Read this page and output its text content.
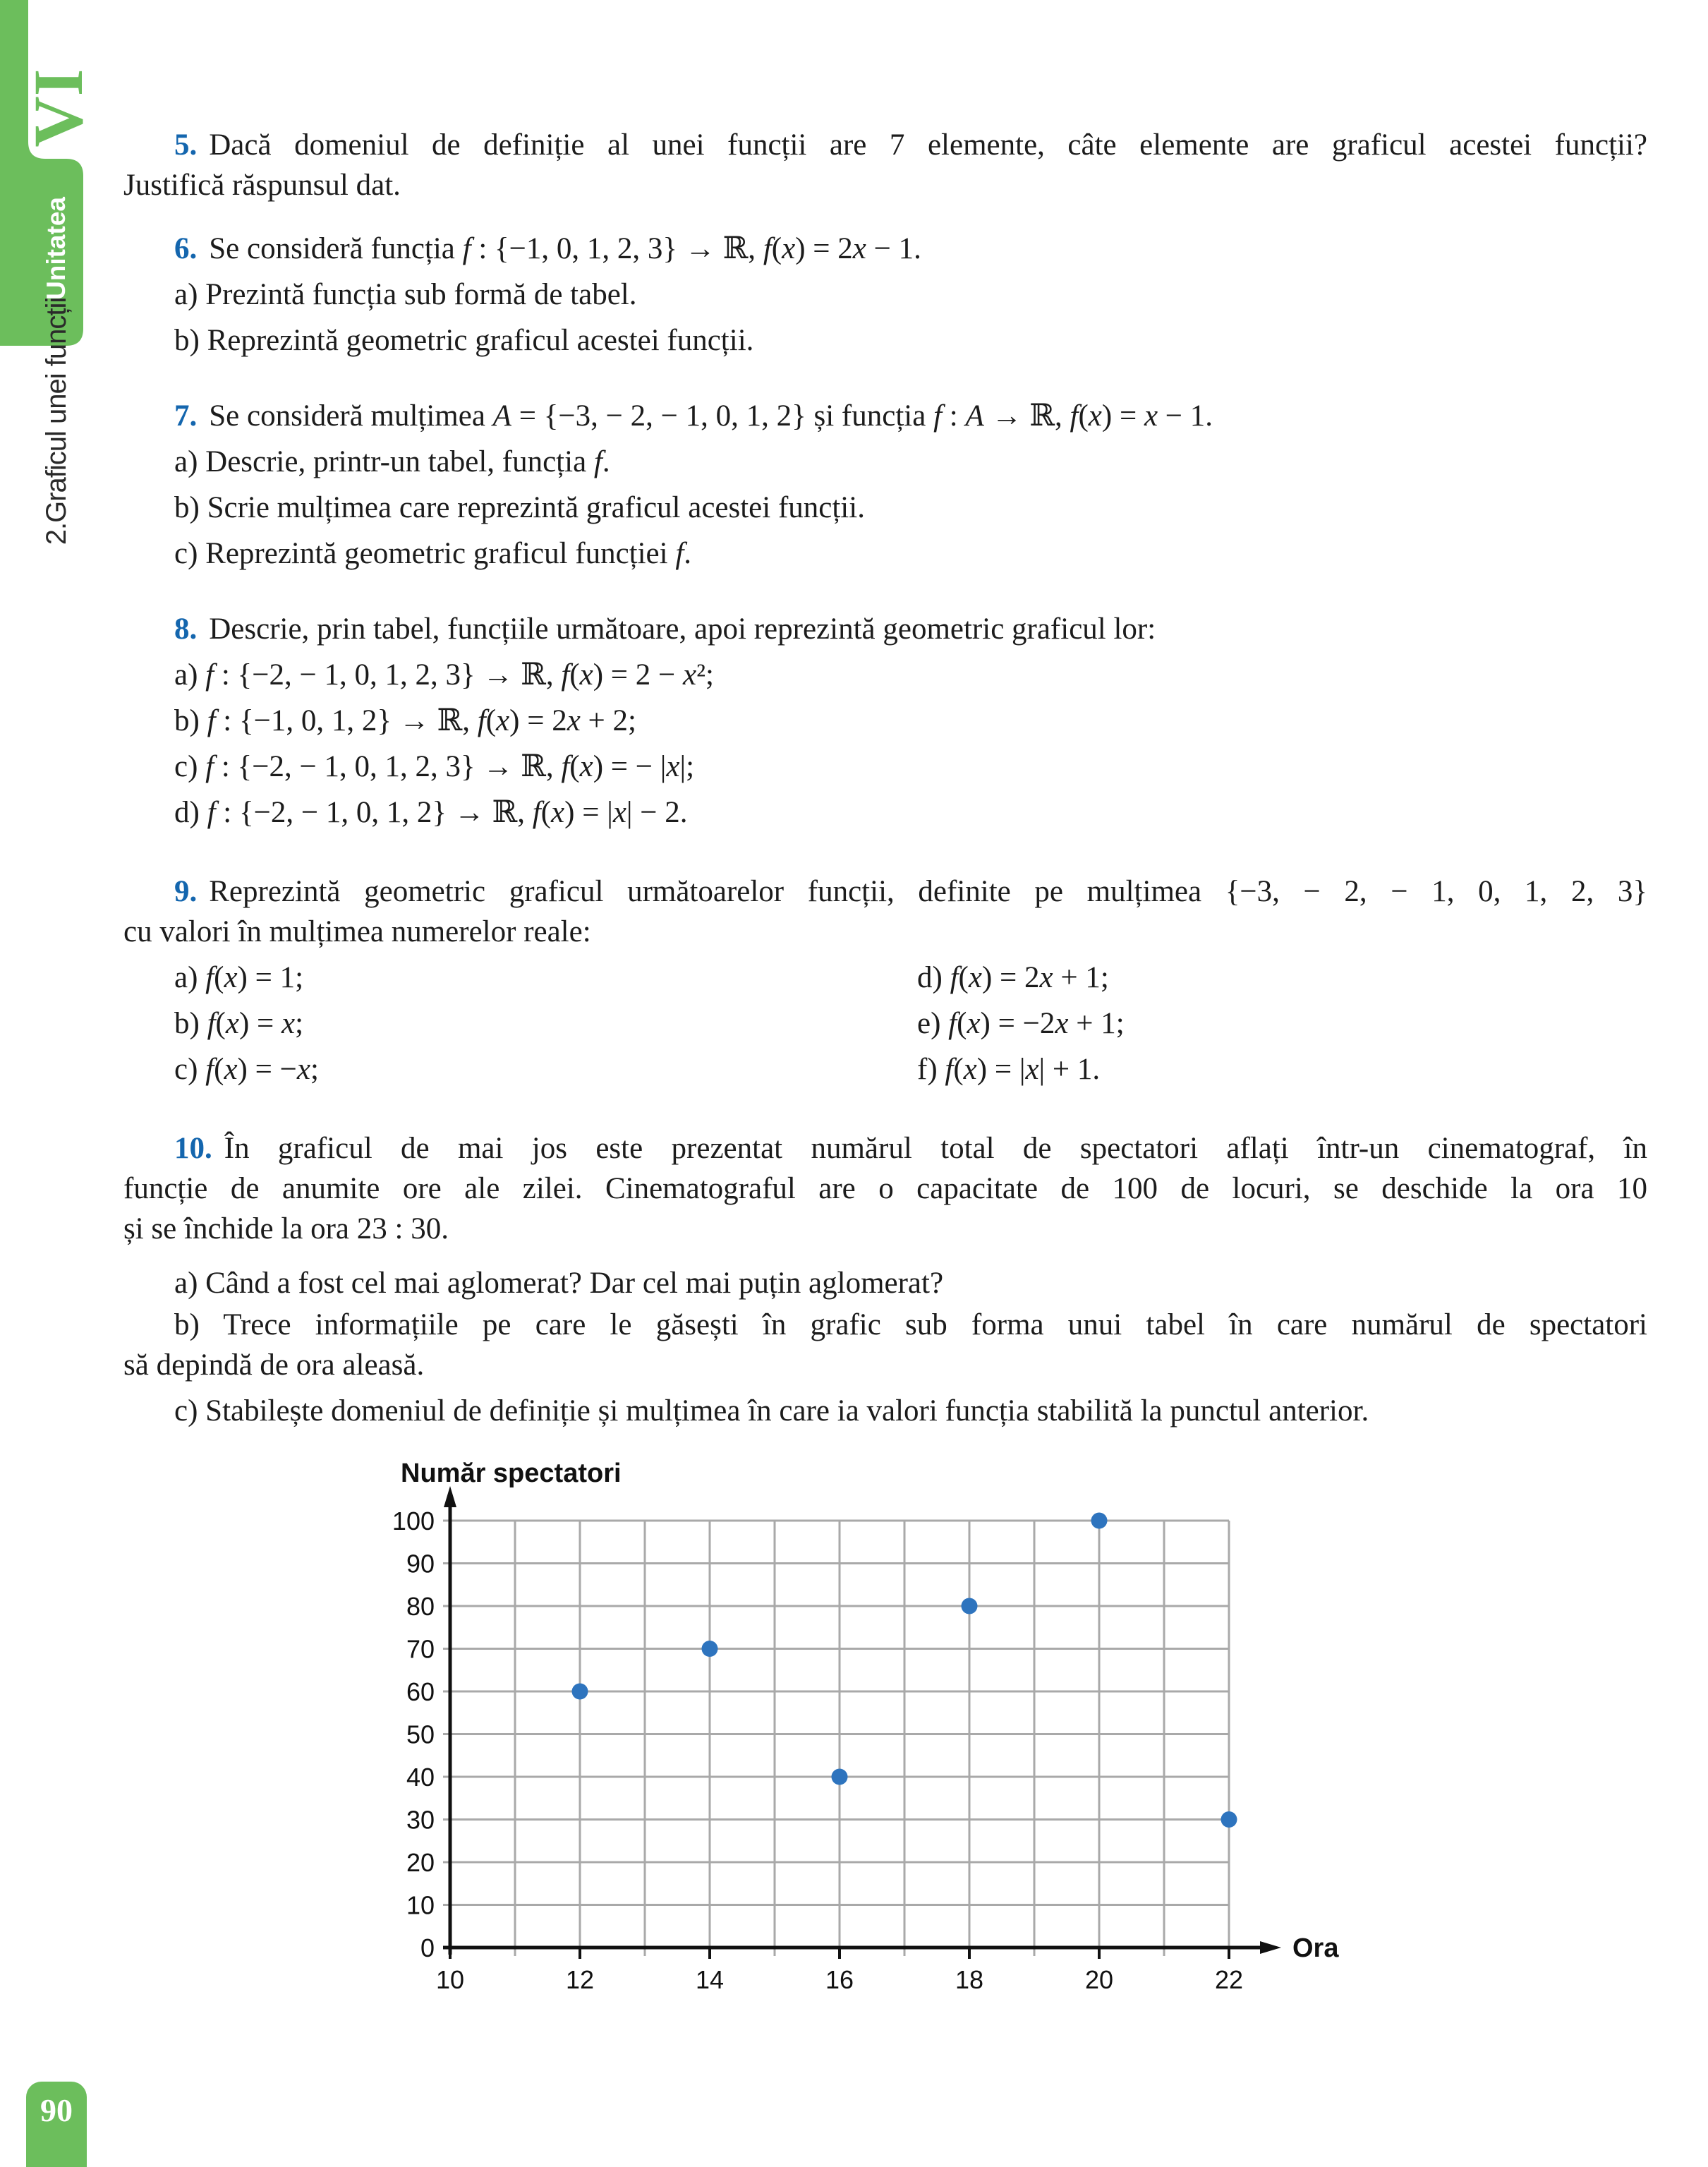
VI
Unitatea
2.Graficul unei funcții
90
5. Dacă domeniul de definiție al unei funcții are 7 elemente, câte elemente are graficul acestei funcții?
Justifică răspunsul dat.
6. Se consideră funcția f : {−1, 0, 1, 2, 3} → ℝ, f(x) = 2x − 1.
a) Prezintă funcția sub formă de tabel.
b) Reprezintă geometric graficul acestei funcții.
7. Se consideră mulțimea A = {−3, − 2, − 1, 0, 1, 2} și funcția f : A → ℝ, f(x) = x − 1.
a) Descrie, printr-un tabel, funcția f.
b) Scrie mulțimea care reprezintă graficul acestei funcții.
c) Reprezintă geometric graficul funcției f.
8. Descrie, prin tabel, funcțiile următoare, apoi reprezintă geometric graficul lor:
a) f : {−2, − 1, 0, 1, 2, 3} → ℝ, f(x) = 2 − x²;
b) f : {−1, 0, 1, 2} → ℝ, f(x) = 2x + 2;
c) f : {−2, − 1, 0, 1, 2, 3} → ℝ, f(x) = − |x|;
d) f : {−2, − 1, 0, 1, 2} → ℝ, f(x) = |x| − 2.
9. Reprezintă geometric graficul următoarelor funcții, definite pe mulțimea {−3, − 2, − 1, 0, 1, 2, 3}
cu valori în mulțimea numerelor reale:
a) f(x) = 1;	d) f(x) = 2x + 1;
b) f(x) = x;	e) f(x) = −2x + 1;
c) f(x) = −x;	f) f(x) = |x| + 1.
10. În graficul de mai jos este prezentat numărul total de spectatori aflați într-un cinematograf, în
funcție de anumite ore ale zilei. Cinematograful are o capacitate de 100 de locuri, se deschide la ora 10
și se închide la ora 23 : 30.
a) Când a fost cel mai aglomerat? Dar cel mai puțin aglomerat?
b) Trece informațiile pe care le găsești în grafic sub forma unui tabel în care numărul de spectatori
să depindă de ora aleasă.
c) Stabilește domeniul de definiție și mulțimea în care ia valori funcția stabilită la punctul anterior.
0
10
20
30
40
50
60
70
80
90
100
10	12	14	16	18	20	22
Număr spectatori
Ora
